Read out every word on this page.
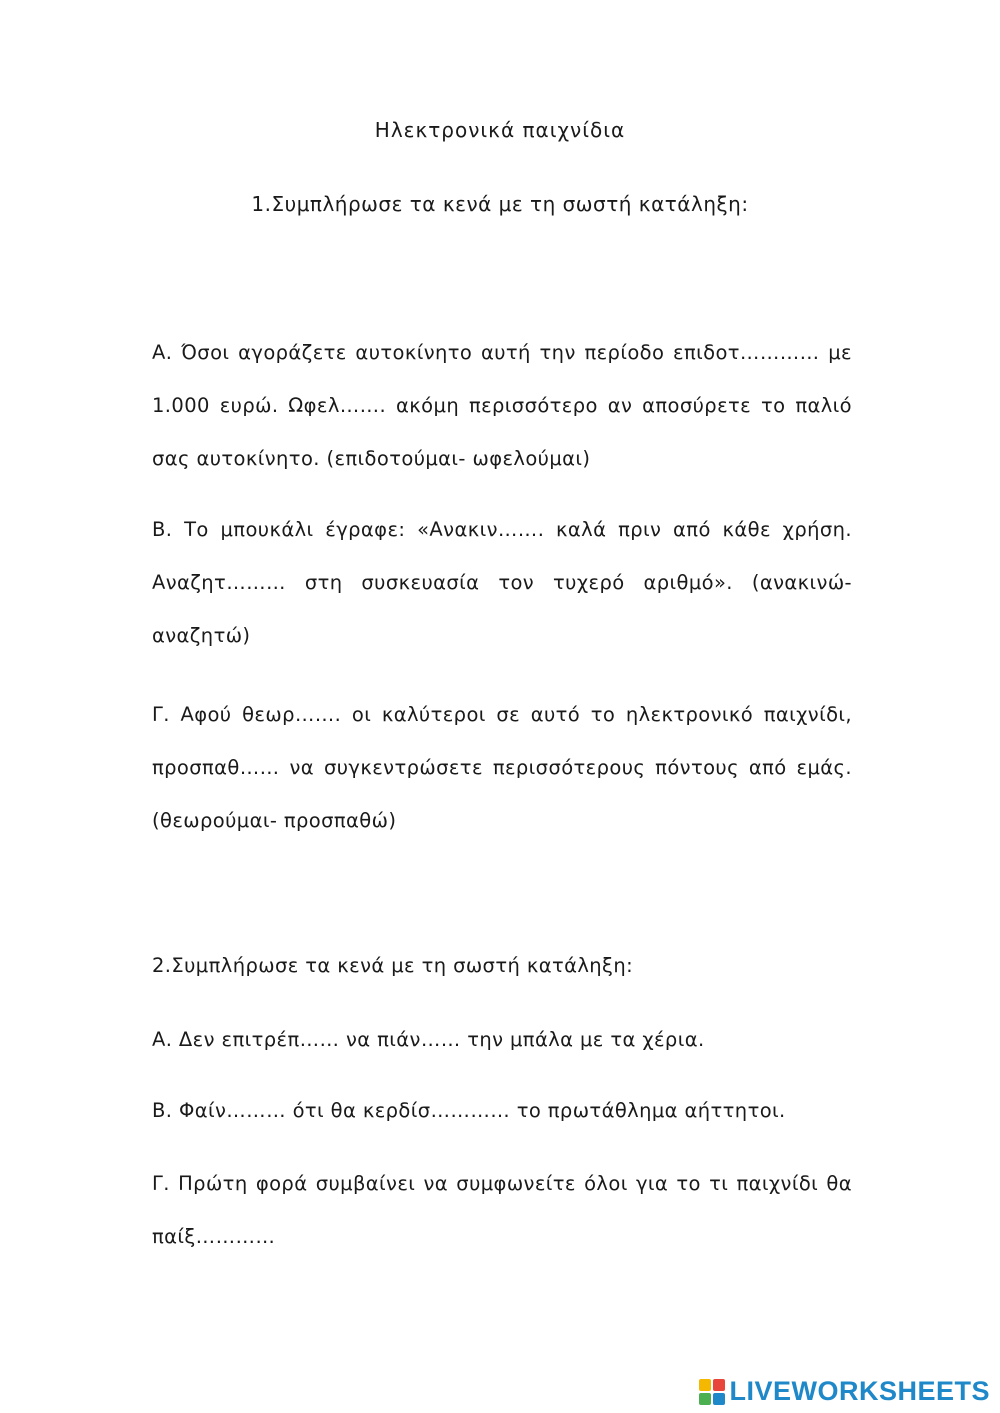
Ηλεκτρονικά παιχνίδια
1.Συμπλήρωσε τα κενά με τη σωστή κατάληξη:
Α. Όσοι αγοράζετε αυτοκίνητο αυτή την περίοδο επιδοτ………… με 1.000 ευρώ. Ωφελ……. ακόμη περισσότερο αν αποσύρετε το παλιό σας αυτοκίνητο. (επιδοτούμαι- ωφελούμαι)
Β. Το μπουκάλι έγραφε: «Ανακιν……. καλά πριν από κάθε χρήση. Αναζητ……… στη συσκευασία τον τυχερό αριθμό». (ανακινώ- αναζητώ)
Γ. Αφού θεωρ……. οι καλύτεροι σε αυτό το ηλεκτρονικό παιχνίδι, προσπαθ…… να συγκεντρώσετε περισσότερους πόντους από εμάς. (θεωρούμαι- προσπαθώ)
2.Συμπλήρωσε τα κενά με τη σωστή κατάληξη:
Α. Δεν επιτρέπ…… να πιάν…… την μπάλα με τα χέρια.
Β. Φαίν……… ότι θα κερδίσ………… το πρωτάθλημα αήττητοι.
Γ. Πρώτη φορά συμβαίνει να συμφωνείτε όλοι για το τι παιχνίδι θα παίξ…………
LIVEWORKSHEETS
